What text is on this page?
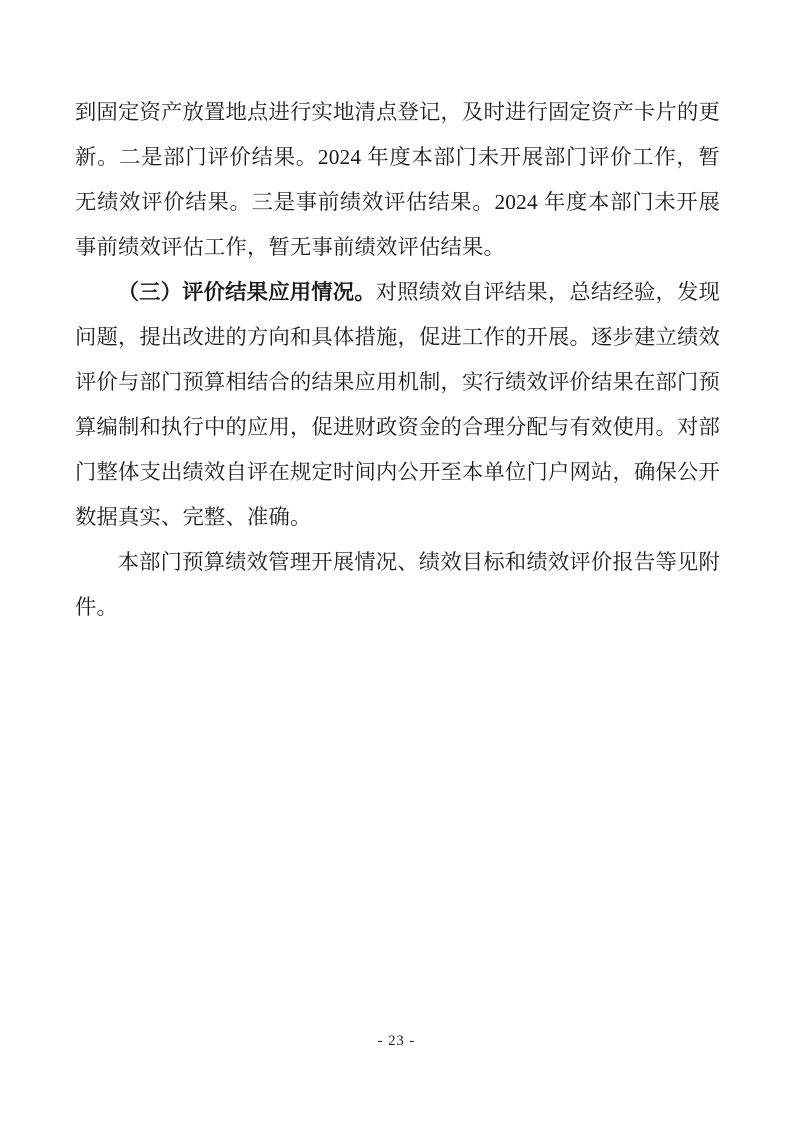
到固定资产放置地点进行实地清点登记，及时进行固定资产卡片的更新。二是部门评价结果。2024 年度本部门未开展部门评价工作，暂无绩效评价结果。三是事前绩效评估结果。2024 年度本部门未开展事前绩效评估工作，暂无事前绩效评估结果。

（三）评价结果应用情况。对照绩效自评结果，总结经验，发现问题，提出改进的方向和具体措施，促进工作的开展。逐步建立绩效评价与部门预算相结合的结果应用机制，实行绩效评价结果在部门预算编制和执行中的应用，促进财政资金的合理分配与有效使用。对部门整体支出绩效自评在规定时间内公开至本单位门户网站，确保公开数据真实、完整、准确。

本部门预算绩效管理开展情况、绩效目标和绩效评价报告等见附件。

- 23 -
